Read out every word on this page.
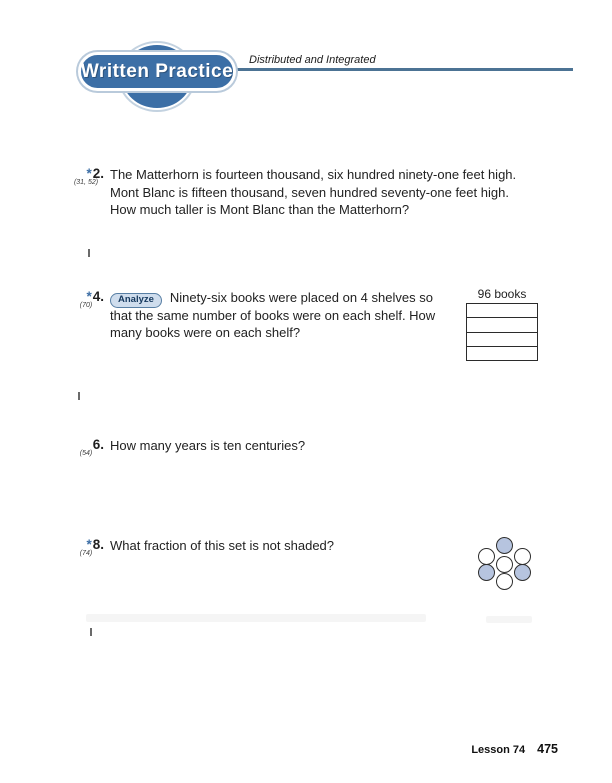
Written Practice
Distributed and Integrated
*2.
(31, 52)
The Matterhorn is fourteen thousand, six hundred ninety-one feet high.
Mont Blanc is fifteen thousand, seven hundred seventy-one feet high.
How much taller is Mont Blanc than the Matterhorn?
*4.
(70)
Analyze Ninety-six books were placed on 4 shelves so
that the same number of books were on each shelf. How
many books were on each shelf?
96 books
6.
(54)
How many years is ten centuries?
*8.
(74)
What fraction of this set is not shaded?
Lesson 74 475
